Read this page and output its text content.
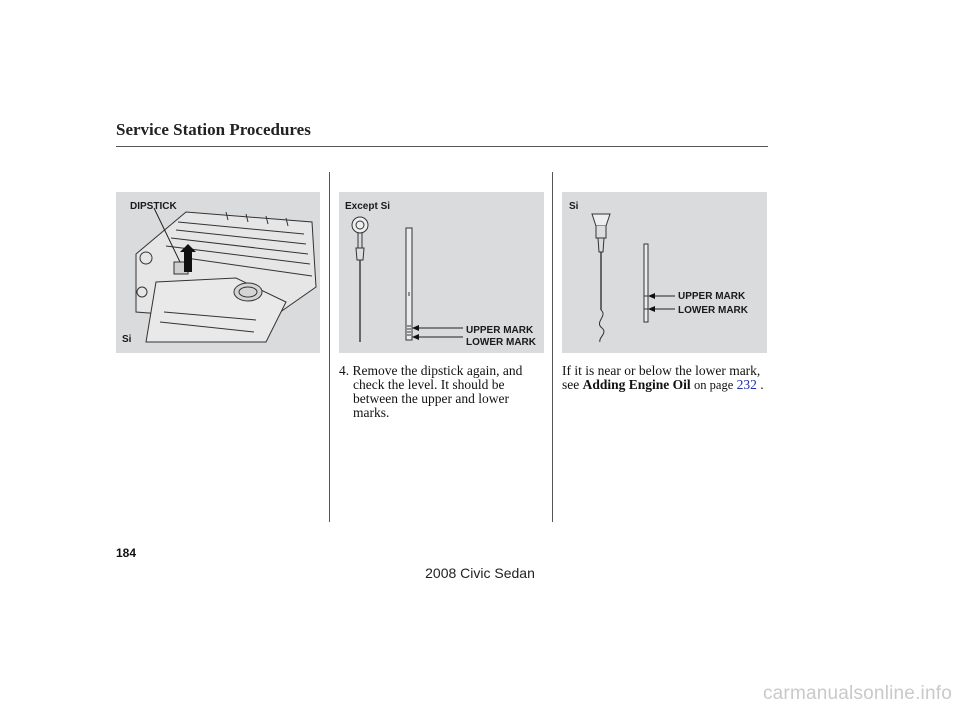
Service Station Procedures
DIPSTICK
Si
Except Si
UPPER MARK
LOWER MARK
Si
UPPER MARK
LOWER MARK
4. Remove the dipstick again, and
check the level. It should be
between the upper and lower
marks.
If it is near or below the lower mark,
see Adding Engine Oil on page 232 .
184
2008 Civic Sedan
carmanualsonline.info
